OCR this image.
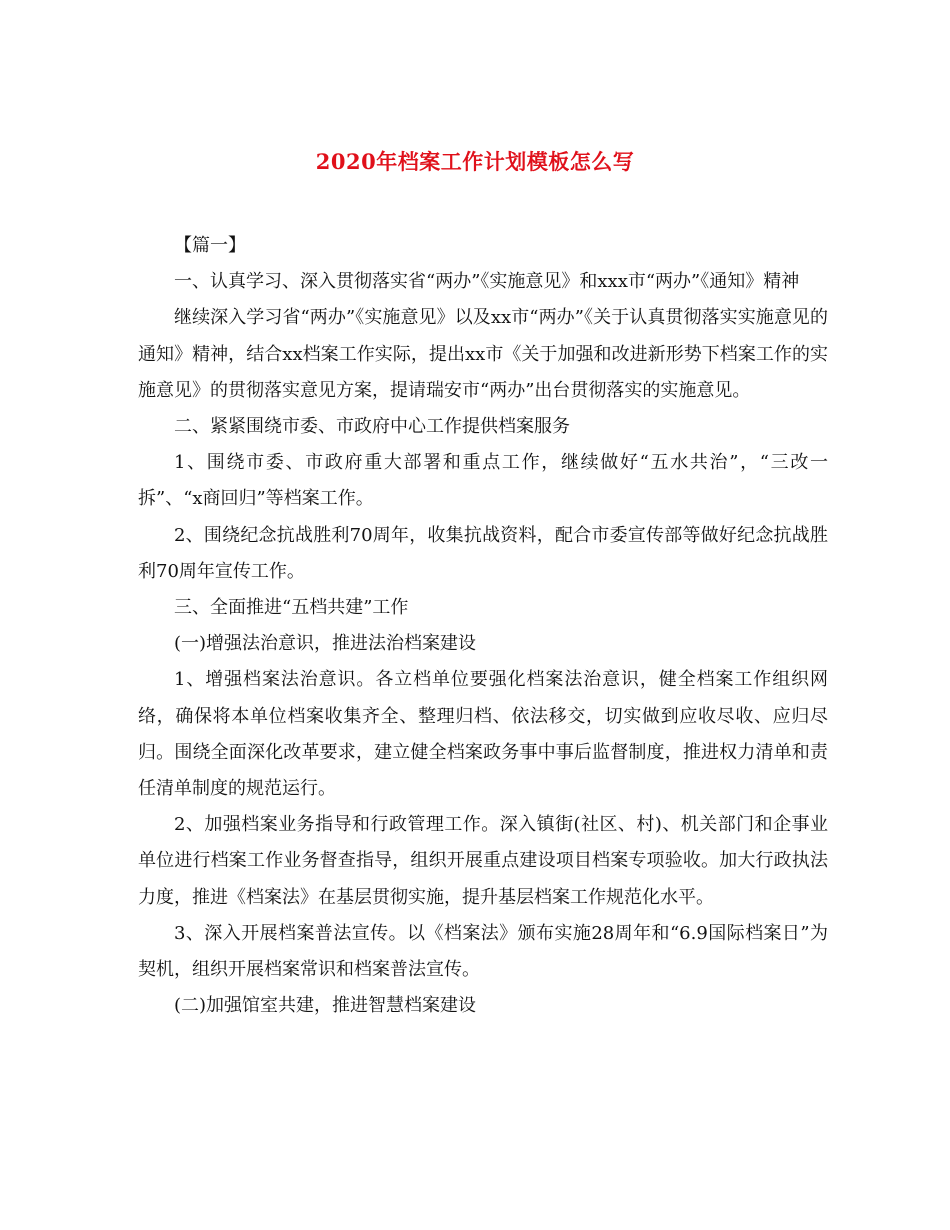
2020年档案工作计划模板怎么写

【篇一】

一、认真学习、深入贯彻落实省“两办”《实施意见》和xxx市“两办”《通知》精神

继续深入学习省“两办”《实施意见》以及xx市“两办”《关于认真贯彻落实实施意见的通知》精神，结合xx档案工作实际，提出xx市《关于加强和改进新形势下档案工作的实施意见》的贯彻落实意见方案，提请瑞安市“两办”出台贯彻落实的实施意见。

二、紧紧围绕市委、市政府中心工作提供档案服务

1、围绕市委、市政府重大部署和重点工作，继续做好“五水共治”，“三改一拆”、“x商回归”等档案工作。

2、围绕纪念抗战胜利70周年，收集抗战资料，配合市委宣传部等做好纪念抗战胜利70周年宣传工作。

三、全面推进“五档共建”工作

(一)增强法治意识，推进法治档案建设

1、增强档案法治意识。各立档单位要强化档案法治意识，健全档案工作组织网络，确保将本单位档案收集齐全、整理归档、依法移交，切实做到应收尽收、应归尽归。围绕全面深化改革要求，建立健全档案政务事中事后监督制度，推进权力清单和责任清单制度的规范运行。

2、加强档案业务指导和行政管理工作。深入镇街(社区、村)、机关部门和企事业单位进行档案工作业务督查指导，组织开展重点建设项目档案专项验收。加大行政执法力度，推进《档案法》在基层贯彻实施，提升基层档案工作规范化水平。

3、深入开展档案普法宣传。以《档案法》颁布实施28周年和“6.9国际档案日”为契机，组织开展档案常识和档案普法宣传。

(二)加强馆室共建，推进智慧档案建设
